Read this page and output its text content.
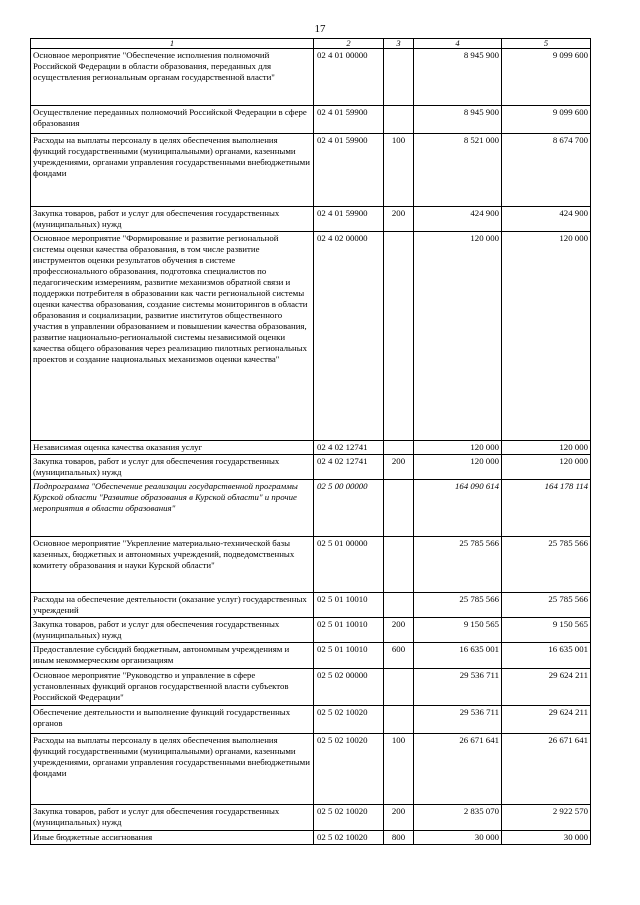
17
1	2	3	4	5
Основное мероприятие "Обеспечение исполнения полномочий Российской Федерации в области образования, переданных для осуществления региональным органам государственной власти"	02 4 01 00000		8 945 900	9 099 600
Осуществление переданных полномочий Российской Федерации в сфере образования	02 4 01 59900		8 945 900	9 099 600
Расходы на выплаты персоналу в целях обеспечения выполнения функций государственными (муниципальными) органами, казенными учреждениями, органами управления государственными внебюджетными фондами	02 4 01 59900	100	8 521 000	8 674 700
Закупка товаров, работ и услуг для обеспечения государственных (муниципальных) нужд	02 4 01 59900	200	424 900	424 900
Основное мероприятие "Формирование и развитие региональной системы оценки качества образования, в том числе развитие инструментов оценки результатов обучения в системе профессионального образования, подготовка специалистов по педагогическим измерениям, развитие механизмов обратной связи и поддержки потребителя в образовании как части региональной системы оценки качества образования, создание системы мониторингов в области образования и социализации, развитие институтов общественного участия в управлении образованием и повышении качества образования, развитие национально-региональной системы независимой оценки качества общего образования через реализацию пилотных региональных проектов и создание национальных механизмов оценки качества"	02 4 02 00000		120 000	120 000
Независимая оценка качества оказания услуг	02 4 02 12741		120 000	120 000
Закупка товаров, работ и услуг для обеспечения государственных (муниципальных) нужд	02 4 02 12741	200	120 000	120 000
Подпрограмма "Обеспечение реализации государственной программы Курской области "Развитие образования в Курской области" и прочие мероприятия в области образования"	02 5 00 00000		164 090 614	164 178 114
Основное мероприятие "Укрепление материально-технической базы казенных, бюджетных и автономных учреждений, подведомственных комитету образования и науки Курской области"	02 5 01 00000		25 785 566	25 785 566
Расходы на обеспечение деятельности (оказание услуг) государственных учреждений	02 5 01 10010		25 785 566	25 785 566
Закупка товаров, работ и услуг для обеспечения государственных (муниципальных) нужд	02 5 01 10010	200	9 150 565	9 150 565
Предоставление субсидий бюджетным, автономным учреждениям и иным некоммерческим организациям	02 5 01 10010	600	16 635 001	16 635 001
Основное мероприятие "Руководство и управление в сфере установленных функций органов государственной власти субъектов Российской Федерации"	02 5 02 00000		29 536 711	29 624 211
Обеспечение деятельности и выполнение функций государственных органов	02 5 02 10020		29 536 711	29 624 211
Расходы на выплаты персоналу в целях обеспечения выполнения функций государственными (муниципальными) органами, казенными учреждениями, органами управления государственными внебюджетными фондами	02 5 02 10020	100	26 671 641	26 671 641
Закупка товаров, работ и услуг для обеспечения государственных (муниципальных) нужд	02 5 02 10020	200	2 835 070	2 922 570
Иные бюджетные ассигнования	02 5 02 10020	800	30 000	30 000
